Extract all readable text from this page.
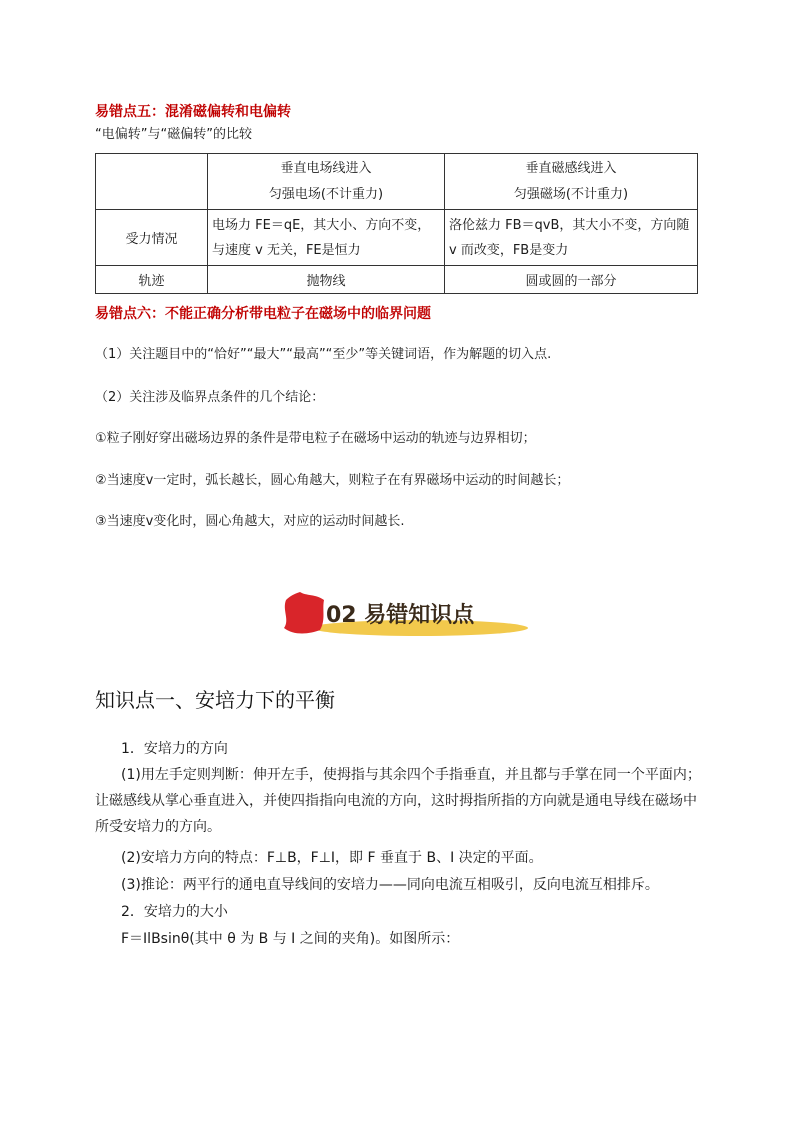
易错点五：混淆磁偏转和电偏转
“电偏转”与“磁偏转”的比较

	垂直电场线进入
匀强电场(不计重力)	垂直磁感线进入
匀强磁场(不计重力)

受力情况	电场力 FE＝qE，其大小、方向不变，
与速度 v 无关，FE是恒力	洛伦兹力 FB＝qvB，其大小不变，方向随
v 而改变，FB是变力

轨迹	抛物线	圆或圆的一部分
易错点六：不能正确分析带电粒子在磁场中的临界问题
（1）关注题目中的“恰好”“最大”“最高”“至少”等关键词语，作为解题的切入点.
（2）关注涉及临界点条件的几个结论：
①粒子刚好穿出磁场边界的条件是带电粒子在磁场中运动的轨迹与边界相切；
②当速度v一定时，弧长越长，圆心角越大，则粒子在有界磁场中运动的时间越长；
③当速度v变化时，圆心角越大，对应的运动时间越长.
02 易错知识点
知识点一、安培力下的平衡
1．安培力的方向
(1)用左手定则判断：伸开左手，使拇指与其余四个手指垂直，并且都与手掌在同一个平面内；
让磁感线从掌心垂直进入，并使四指指向电流的方向，这时拇指所指的方向就是通电导线在磁场中
所受安培力的方向。
(2)安培力方向的特点：F⊥B，F⊥I，即 F 垂直于 B、I 决定的平面。
(3)推论：两平行的通电直导线间的安培力——同向电流互相吸引，反向电流互相排斥。
2．安培力的大小
F＝IlBsinθ(其中 θ 为 B 与 I 之间的夹角)。如图所示：
